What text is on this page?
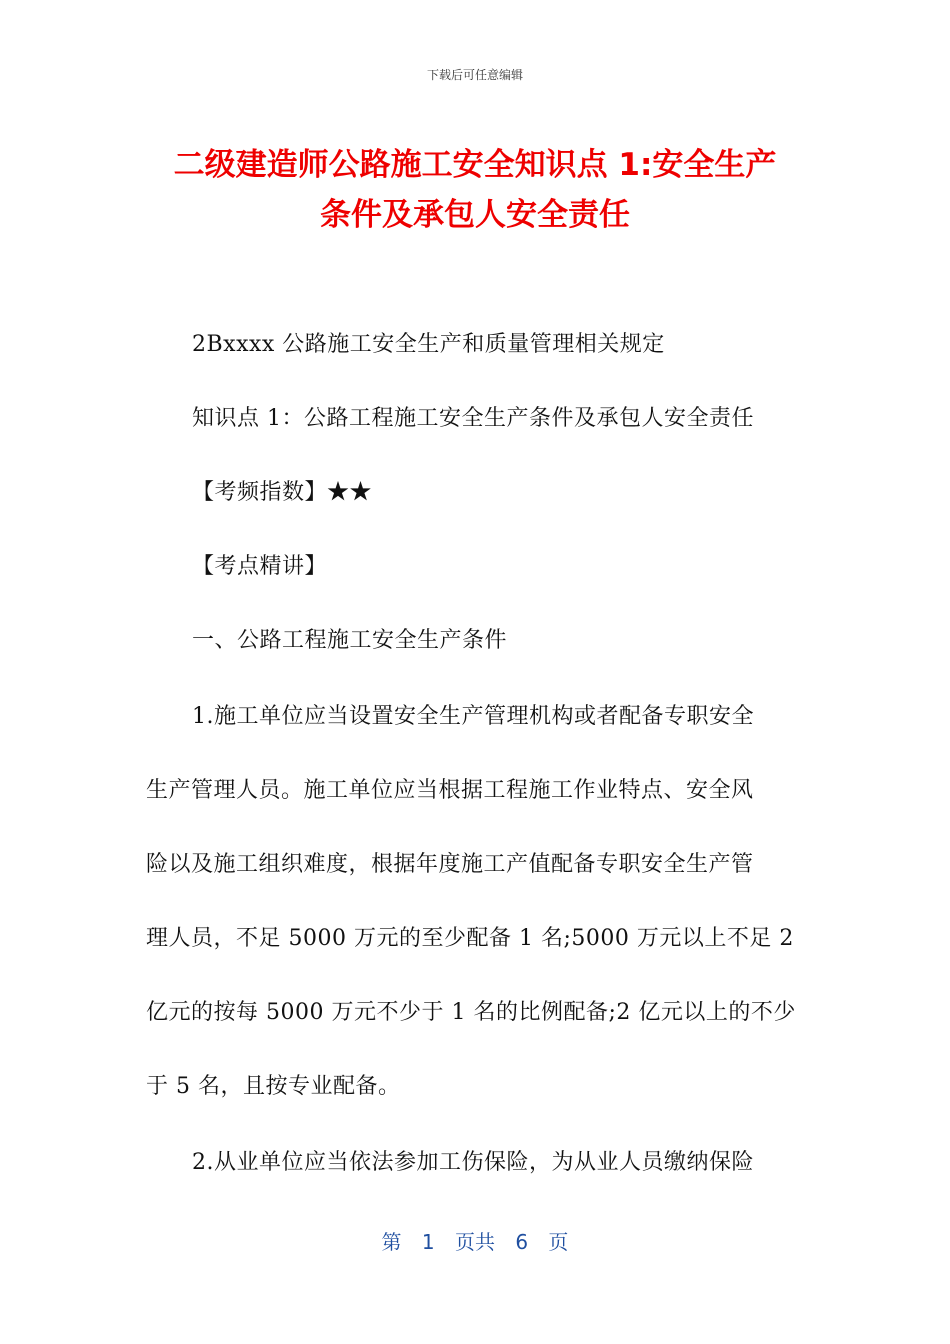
下载后可任意编辑
二级建造师公路施工安全知识点 1:安全生产
条件及承包人安全责任
2Bxxxx 公路施工安全生产和质量管理相关规定
知识点 1：公路工程施工安全生产条件及承包人安全责任
【考频指数】★★
【考点精讲】
一、公路工程施工安全生产条件
1.施工单位应当设置安全生产管理机构或者配备专职安全
生产管理人员。施工单位应当根据工程施工作业特点、安全风
险以及施工组织难度，根据年度施工产值配备专职安全生产管
理人员，不足 5000 万元的至少配备 1 名;5000 万元以上不足 2
亿元的按每 5000 万元不少于 1 名的比例配备;2 亿元以上的不少
于 5 名，且按专业配备。
2.从业单位应当依法参加工伤保险，为从业人员缴纳保险
第 1 页共 6 页
